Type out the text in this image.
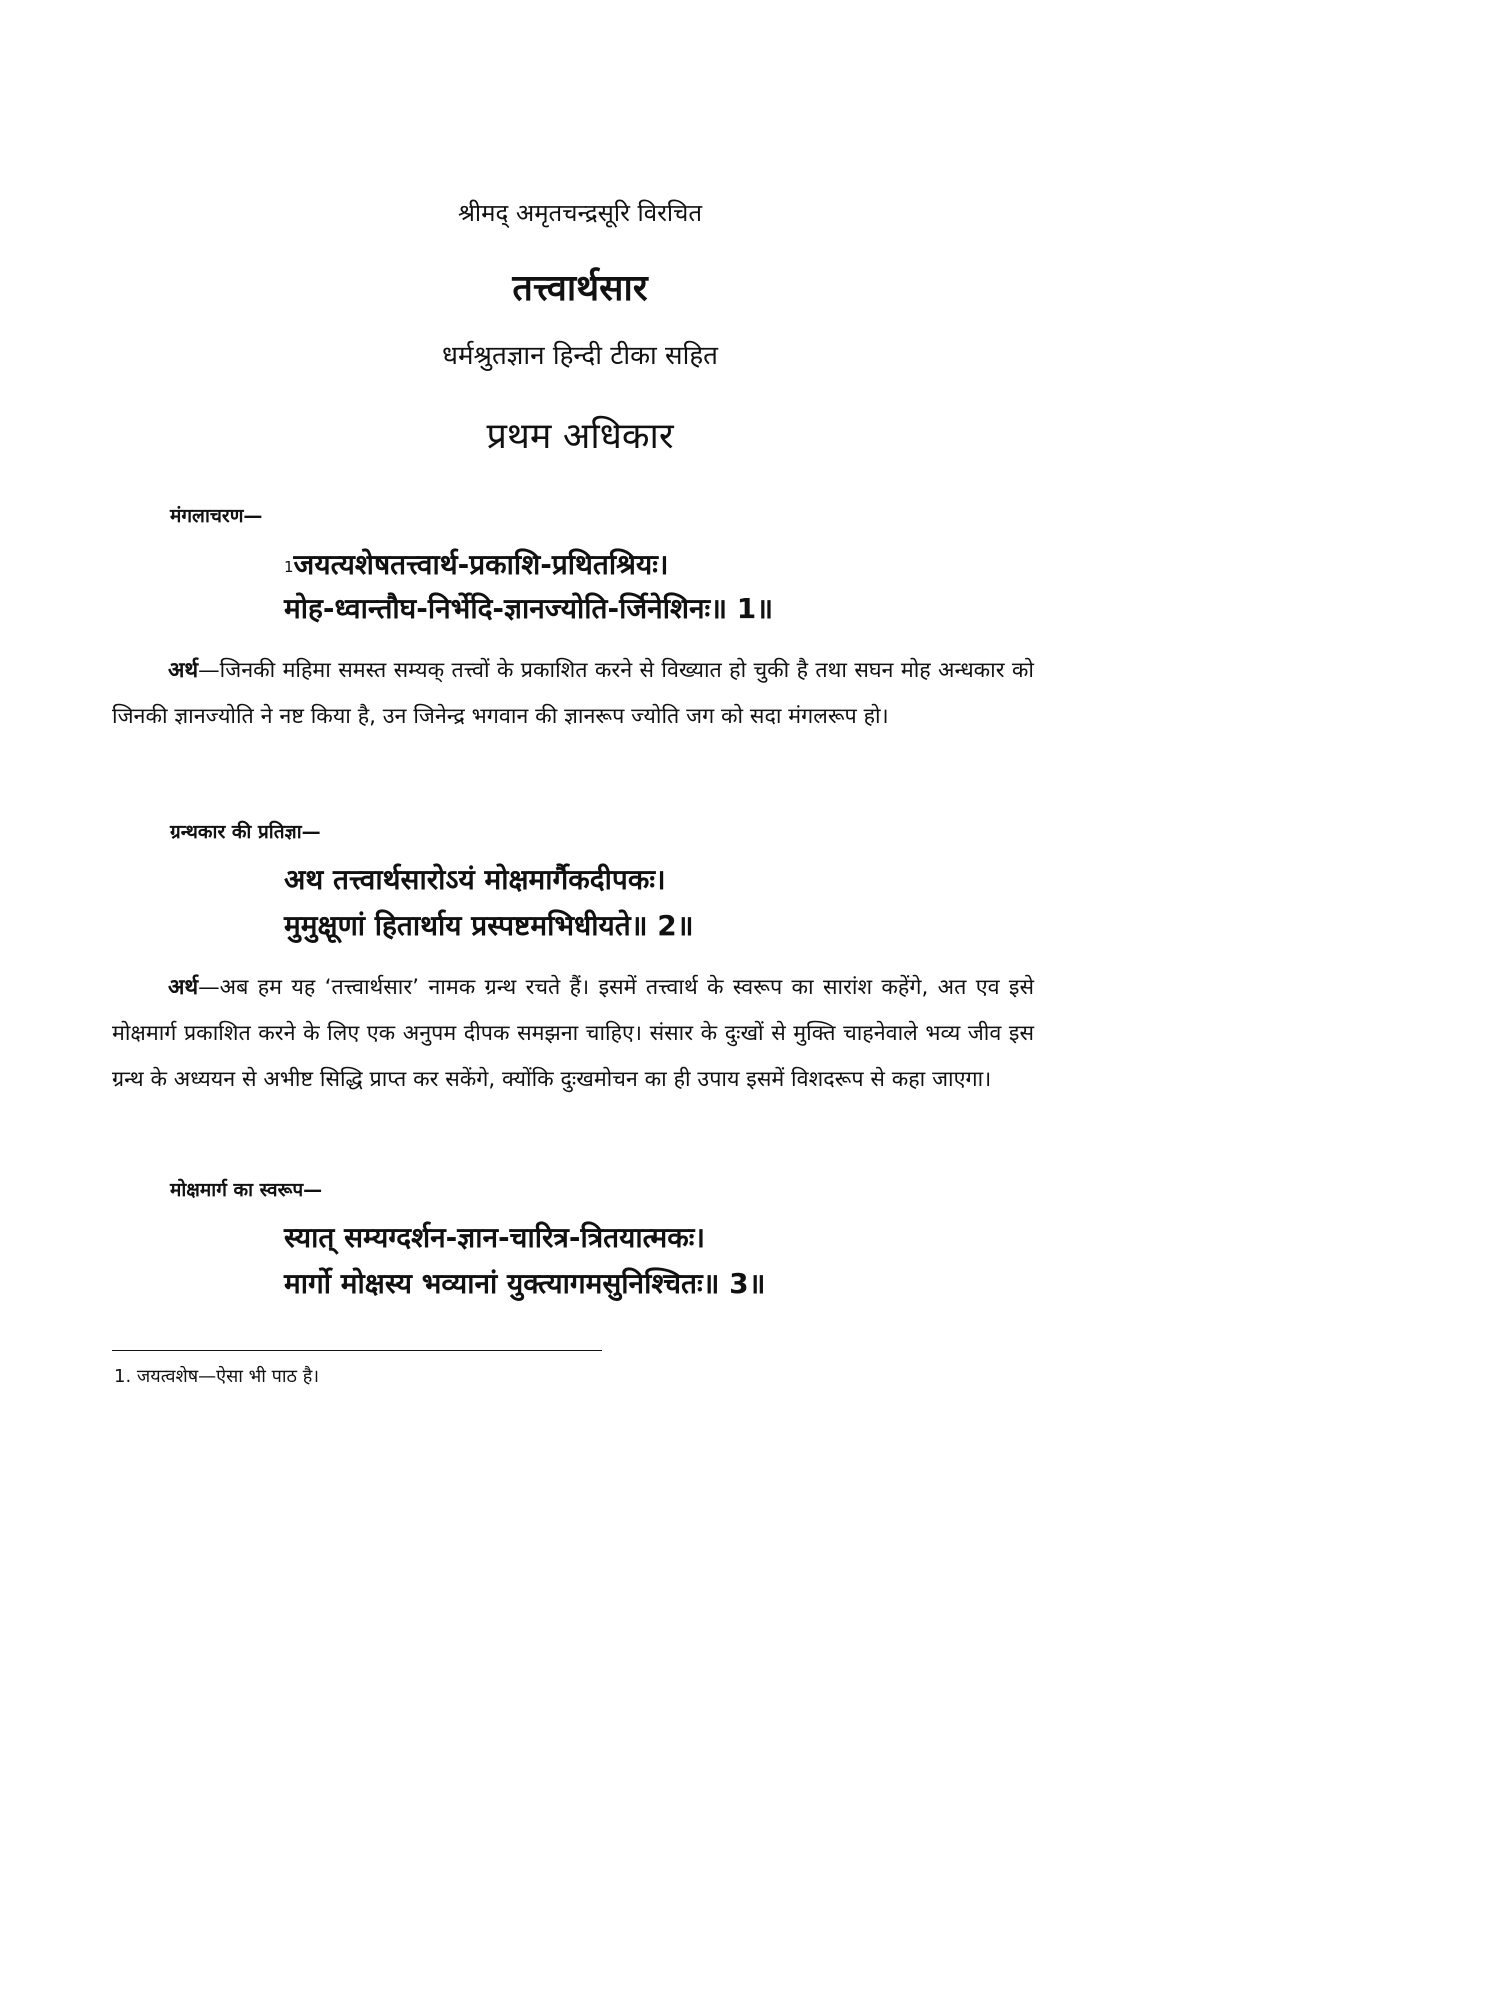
श्रीमद् अमृतचन्द्रसूरि विरचित
तत्त्वार्थसार
धर्मश्रुतज्ञान हिन्दी टीका सहित
प्रथम अधिकार
मंगलाचरण—
$^1$जयत्यशेषतत्त्वार्थ-प्रकाशि-प्रथितश्रियः।
मोह-ध्वान्तौघ-निर्भेदि-ज्ञानज्योति-र्जिनेशिनः॥ 1॥
अर्थ—जिनकी महिमा समस्त सम्यक् तत्त्वों के प्रकाशित करने से विख्यात हो चुकी है तथा सघन मोह अन्धकार को जिनकी ज्ञानज्योति ने नष्ट किया है, उन जिनेन्द्र भगवान की ज्ञानरूप ज्योति जग को सदा मंगलरूप हो।
ग्रन्थकार की प्रतिज्ञा—
अथ तत्त्वार्थसारोऽयं मोक्षमार्गैकदीपकः।
मुमुक्षूणां हितार्थाय प्रस्पष्टमभिधीयते॥ 2॥
अर्थ—अब हम यह ‘तत्त्वार्थसार’ नामक ग्रन्थ रचते हैं। इसमें तत्त्वार्थ के स्वरूप का सारांश कहेंगे, अत एव इसे मोक्षमार्ग प्रकाशित करने के लिए एक अनुपम दीपक समझना चाहिए। संसार के दुःखों से मुक्ति चाहनेवाले भव्य जीव इस ग्रन्थ के अध्ययन से अभीष्ट सिद्धि प्राप्त कर सकेंगे, क्योंकि दुःखमोचन का ही उपाय इसमें विशदरूप से कहा जाएगा।
मोक्षमार्ग का स्वरूप—
स्यात् सम्यग्दर्शन-ज्ञान-चारित्र-त्रितयात्मकः।
मार्गो मोक्षस्य भव्यानां युक्त्यागमसुनिश्चितः॥ 3॥
1. जयत्वशेष—ऐसा भी पाठ है।
